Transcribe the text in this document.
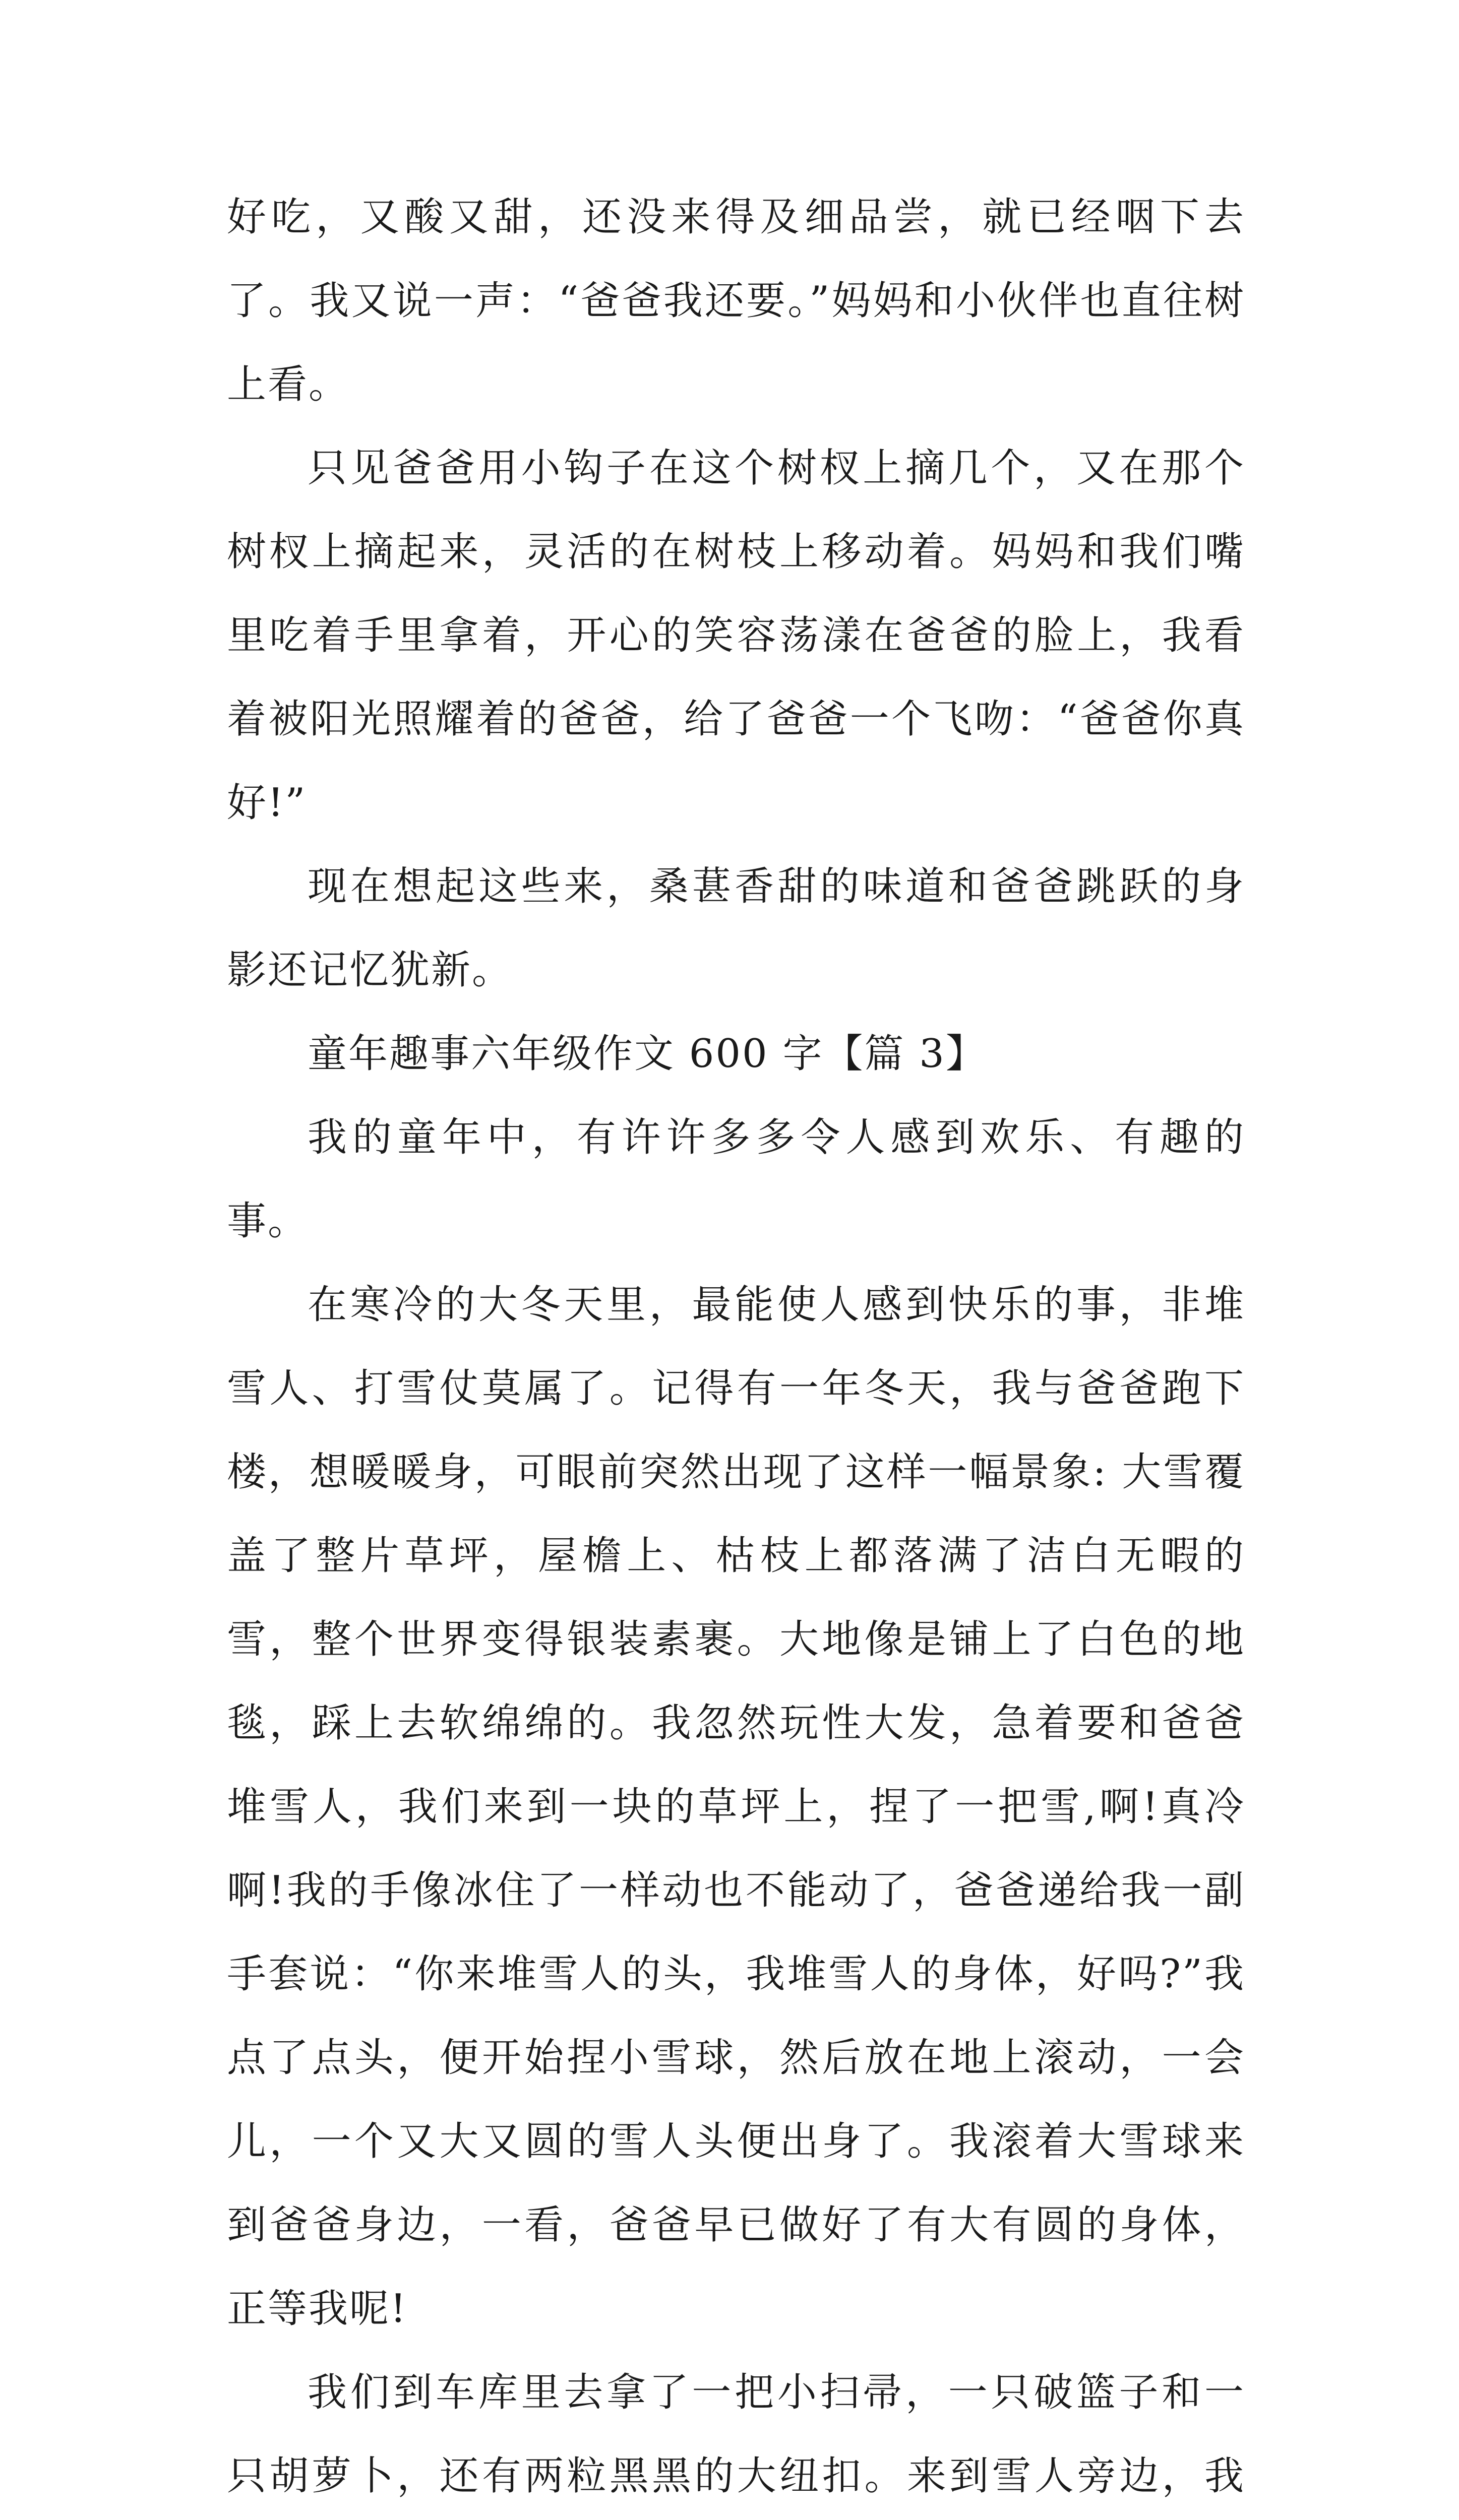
好吃，又酸又甜，还没来得及细品尝，就已经咽下去了。我又说一声：“爸爸我还要。”妈妈和小伙伴也直往树上看。

只见爸爸用小钩子在这个树杈上摘几个，又在那个树杈上摘起来，灵活的在树枝上移动着。妈妈和我们嘴里吃着手里拿着，开心的笑容荡漾在爸爸的脸上，我看着被阳光照耀着的爸爸，给了爸爸一个飞吻：“爸爸你真好!”

现在想起这些来，桑葚香甜的味道和爸爸跳跃的身影还记忆犹新。

童年趣事六年级作文 600 字【篇 3】

我的童年中，有许许多多令人感到欢乐、有趣的事。

在寒冷的大冬天里，最能使人感到快乐的事，非堆雪人、打雪仗莫属了。记得有一年冬天，我与爸爸跑下楼，想暖暖身，可眼前突然出现了这样一幅景象: 大雪覆盖了整片草坪，屋檐上、枯枝上都落满了洁白无暇的雪，整个世界变得银装素裹。大地像是铺上了白色的地毯，踩上去软绵绵的。我忽然玩性大发，急着要和爸爸堆雪人，我们来到一块的草坪上，捏了一把雪,啊!真冷啊!我的手像冰住了一样动也不能动了，爸爸递给我一副手套说：“你来堆雪人的头，我堆雪人的身体，好吗?”我点了点头，便开始捏小雪球，然后放在地上滚动，一会儿，一个又大又圆的雪人头便出身了。我滚着大雪球来到爸爸身边，一看，爸爸早已做好了有大有圆的身体，正等我呢!

我们到车库里去拿了一把小扫帚，一只破篮子和一只胡萝卜，还有两粒黑黑的大纽扣。来到雪人旁边，我
